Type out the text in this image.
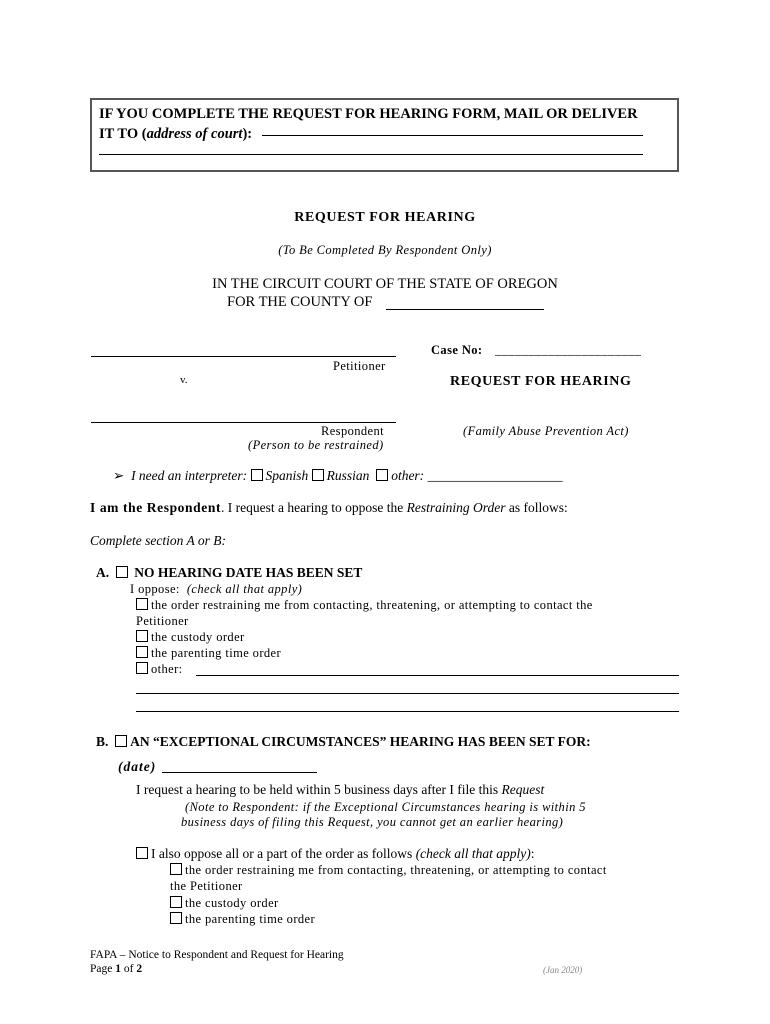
IF YOU COMPLETE THE REQUEST FOR HEARING FORM, MAIL OR DELIVER
IT TO (address of court):
REQUEST FOR HEARING
(To Be Completed By Respondent Only)
IN THE CIRCUIT COURT OF THE STATE OF OREGON
FOR THE COUNTY OF
Petitioner
v.
Respondent
(Person to be restrained)
Case No: ______________________
REQUEST FOR HEARING
(Family Abuse Prevention Act)
➢ I need an interpreter: Spanish Russian other: ____________________
I am the Respondent. I request a hearing to oppose the Restraining Order as follows:
Complete section A or B:
A. NO HEARING DATE HAS BEEN SET
I oppose: (check all that apply)
the order restraining me from contacting, threatening, or attempting to contact the
Petitioner
the custody order
the parenting time order
other:
B. AN “EXCEPTIONAL CIRCUMSTANCES” HEARING HAS BEEN SET FOR:
(date)
I request a hearing to be held within 5 business days after I file this Request
(Note to Respondent: if the Exceptional Circumstances hearing is within 5
business days of filing this Request, you cannot get an earlier hearing)
I also oppose all or a part of the order as follows (check all that apply):
the order restraining me from contacting, threatening, or attempting to contact
the Petitioner
the custody order
the parenting time order
FAPA – Notice to Respondent and Request for Hearing
Page 1 of 2	(Jan 2020)
